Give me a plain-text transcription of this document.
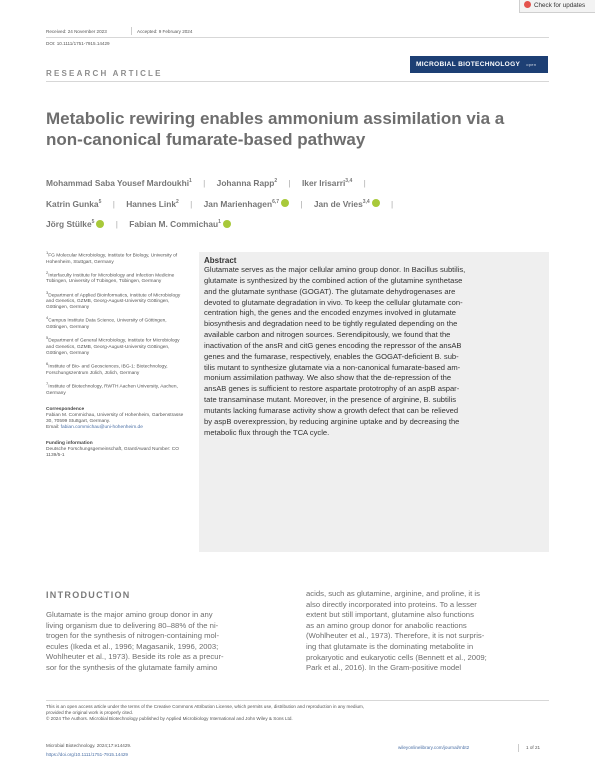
Check for updates
Received: 24 November 2023	Accepted: 9 February 2024
DOI: 10.1111/1751-7915.14429
RESEARCH ARTICLE
MICROBIAL BIOTECHNOLOGY open
Metabolic rewiring enables ammonium assimilation via a
non-canonical fumarate-based pathway
Mohammad Saba Yousef Mardoukhi$^1$ | Johanna Rapp$^2$ | Iker Irisarri$^{3,4}$ |
Katrin Gunka$^5$ | Hannes Link$^2$ | Jan Marienhagen$^{6,7}$	| Jan de Vries$^{3,4}$	|
Jörg Stülke$^5$	| Fabian M. Commichau$^1$
$^1$FG Molecular Microbiology, Institute for Biology, University of Hohenheim, Stuttgart, Germany
$^2$Interfaculty Institute for Microbiology and Infection Medicine Tübingen, University of Tübingen, Tübingen, Germany
$^3$Department of Applied Bioinformatics, Institute of Microbiology and Genetics, GZMB, Georg-August-University Göttingen, Göttingen, Germany
$^4$Campus Institute Data Science, University of Göttingen, Göttingen, Germany
$^5$Department of General Microbiology, Institute for Microbiology and Genetics, GZMB, Georg-August-University Göttingen, Göttingen, Germany
$^6$Institute of Bio- and Geosciences, IBG-1: Biotechnology, Forschungszentrum Jülich, Jülich, Germany
$^7$Institute of Biotechnology, RWTH Aachen University, Aachen, Germany
Correspondence
Fabian M. Commichau, University of Hohenheim, Garbenstrasse 30, 70599 Stuttgart, Germany.
Email: fabian.commichau@uni-hohenheim.de
Funding information
Deutsche Forschungsgemeinschaft, Grant/Award Number: CO 1139/5-1
Abstract
Glutamate serves as the major cellular amino group donor. In Bacillus subtilis,
glutamate is synthesized by the combined action of the glutamine synthetase
and the glutamate synthase (GOGAT). The glutamate dehydrogenases are
devoted to glutamate degradation in vivo. To keep the cellular glutamate con-
centration high, the genes and the encoded enzymes involved in glutamate
biosynthesis and degradation need to be tightly regulated depending on the
available carbon and nitrogen sources. Serendipitously, we found that the
inactivation of the ansR and citG genes encoding the repressor of the ansAB
genes and the fumarase, respectively, enables the GOGAT-deficient B. sub-
tilis mutant to synthesize glutamate via a non-canonical fumarate-based am-
monium assimilation pathway. We also show that the de-repression of the
ansAB genes is sufficient to restore aspartate prototrophy of an aspB aspar-
tate transaminase mutant. Moreover, in the presence of arginine, B. subtilis
mutants lacking fumarase activity show a growth defect that can be relieved
by aspB overexpression, by reducing arginine uptake and by decreasing the
metabolic flux through the TCA cycle.
INTRODUCTION
Glutamate is the major amino group donor in any
living organism due to delivering 80–88% of the ni-
trogen for the synthesis of nitrogen-containing mol-
ecules (Ikeda et al., 1996; Magasanik, 1996, 2003;
Wohlheuter et al., 1973). Beside its role as a precur-
sor for the synthesis of the glutamate family amino
acids, such as glutamine, arginine, and proline, it is
also directly incorporated into proteins. To a lesser
extent but still important, glutamine also functions
as an amino group donor for anabolic reactions
(Wohlheuter et al., 1973). Therefore, it is not surpris-
ing that glutamate is the dominating metabolite in
prokaryotic and eukaryotic cells (Bennett et al., 2009;
Park et al., 2016). In the Gram-positive model
This is an open access article under the terms of the Creative Commons Attribution License, which permits use, distribution and reproduction in any medium,
provided the original work is properly cited.
© 2024 The Authors. Microbial Biotechnology published by Applied Microbiology International and John Wiley & Sons Ltd.
Microbial Biotechnology. 2024;17:e14429.
https://doi.org/10.1111/1751-7915.14429
wileyonlinelibrary.com/journal/mbt2	1 of 21
